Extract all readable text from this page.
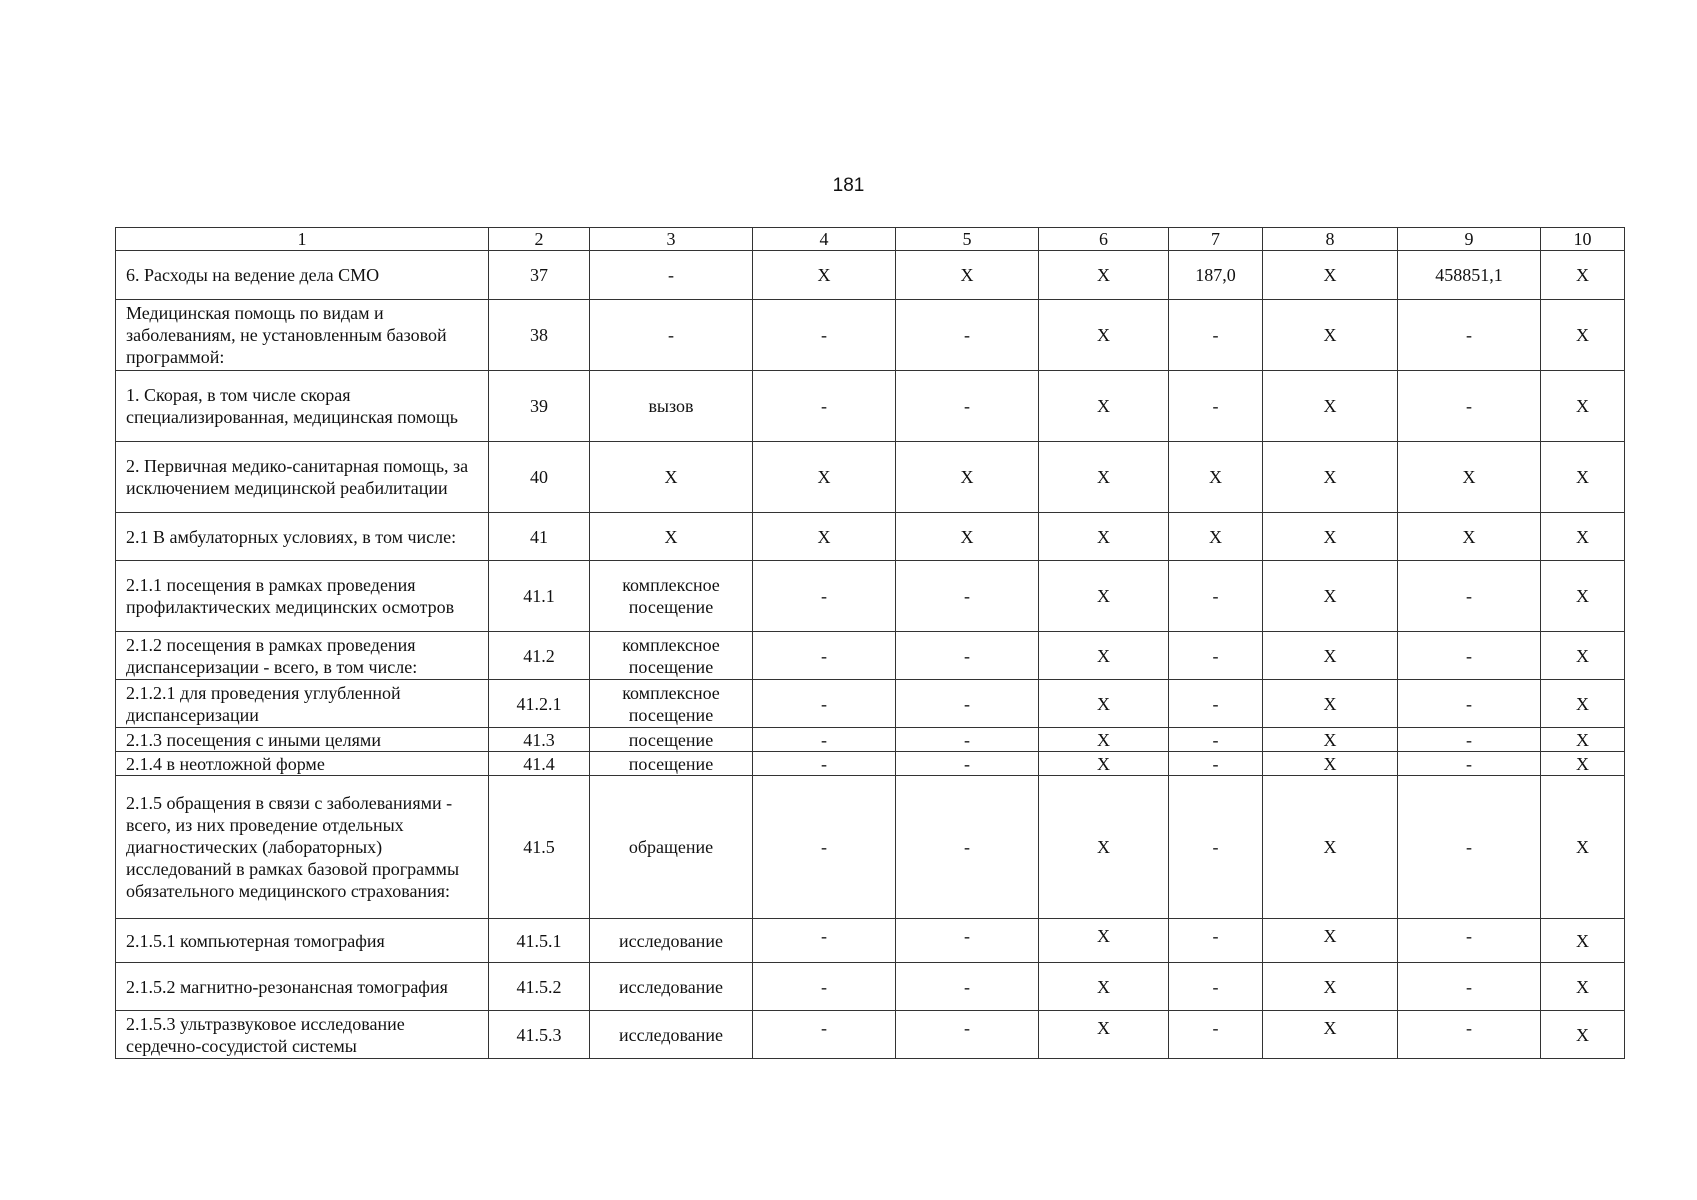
181
1	2	3	4	5	6	7	8	9	10
6. Расходы на ведение дела СМО	37	-	X	X	X	187,0	X	458851,1	X
Медицинская помощь по видам и заболеваниям, не установленным базовой программой:	38	-	-	-	X	-	X	-	X
1. Скорая, в том числе скорая специализированная, медицинская помощь	39	вызов	-	-	X	-	X	-	X
2. Первичная медико-санитарная помощь, за исключением медицинской реабилитации	40	X	X	X	X	X	X	X	X
2.1 В амбулаторных условиях, в том числе:	41	X	X	X	X	X	X	X	X
2.1.1 посещения в рамках проведения профилактических медицинских осмотров	41.1	комплексное посещение	-	-	X	-	X	-	X
2.1.2 посещения в рамках проведения диспансеризации - всего, в том числе:	41.2	комплексное посещение	-	-	X	-	X	-	X
2.1.2.1 для проведения углубленной диспансеризации	41.2.1	комплексное посещение	-	-	X	-	X	-	X
2.1.3 посещения с иными целями	41.3	посещение	-	-	X	-	X	-	X
2.1.4 в неотложной форме	41.4	посещение	-	-	X	-	X	-	X
2.1.5 обращения в связи с заболеваниями - всего, из них проведение отдельных диагностических (лабораторных) исследований в рамках базовой программы обязательного медицинского страхования:	41.5	обращение	-	-	X	-	X	-	X
2.1.5.1 компьютерная томография	41.5.1	исследование	-	-	X	-	X	-	X
2.1.5.2 магнитно-резонансная томография	41.5.2	исследование	-	-	X	-	X	-	X
2.1.5.3 ультразвуковое исследование сердечно-сосудистой системы	41.5.3	исследование	-	-	X	-	X	-	X
